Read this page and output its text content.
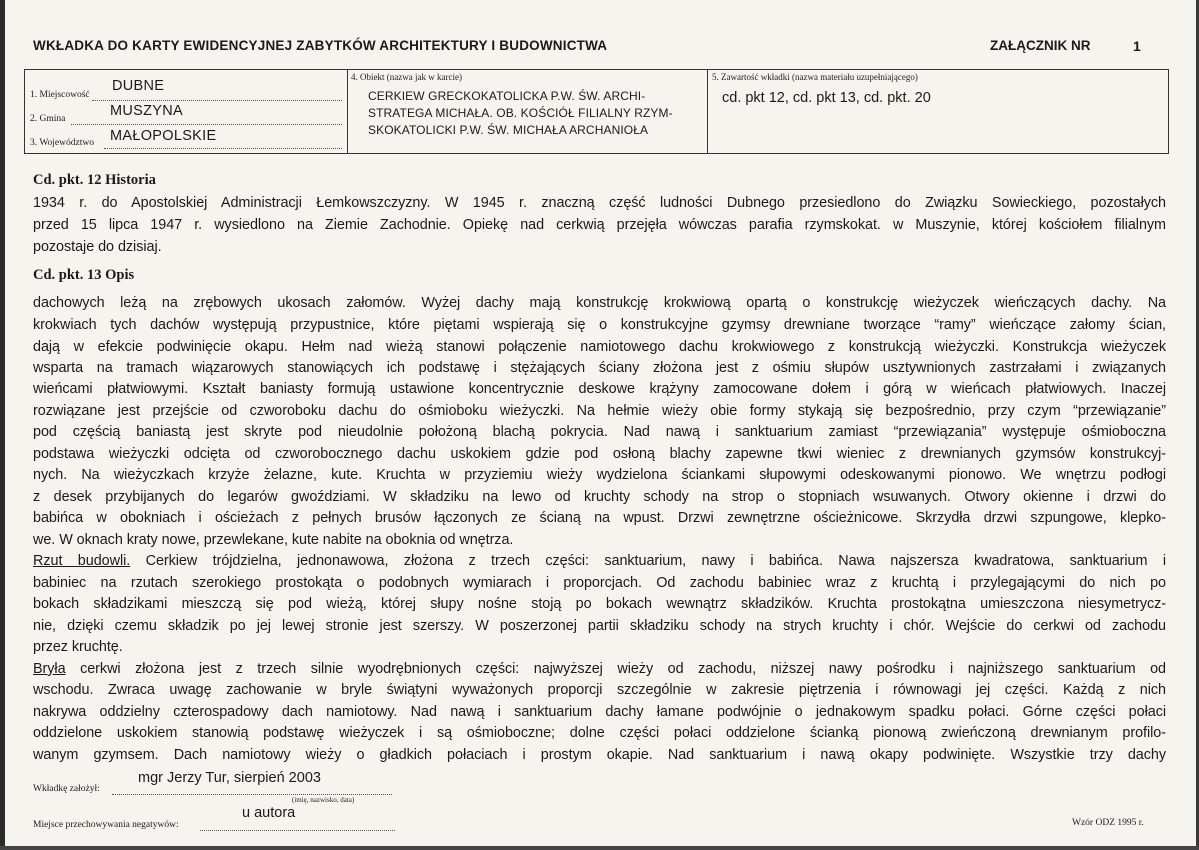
WKŁADKA DO KARTY EWIDENCYJNEJ ZABYTKÓW ARCHITEKTURY I BUDOWNICTWA	ZAŁĄCZNIK NR	1
1. Miejscowość
DUBNE
2. Gmina	MUSZYNA
3. Województwo MAŁOPOLSKIE
4. Obiekt (nazwa jak w karcie)
CERKIEW GRECKOKATOLICKA P.W. ŚW. ARCHI-
STRATEGA MICHAŁA. OB. KOŚCIÓŁ FILIALNY RZYM-
SKOKATOLICKI P.W. ŚW. MICHAŁA ARCHANIOŁA
5. Zawartość wkładki (nazwa materiału uzupełniającego)
cd. pkt 12, cd. pkt 13, cd. pkt. 20
Cd. pkt. 12 Historia
1934 r. do Apostolskiej Administracji Łemkowszczyzny. W 1945 r. znaczną część ludności Dubnego przesiedlono do Związku Sowieckiego, pozostałych
przed 15 lipca 1947 r. wysiedlono na Ziemie Zachodnie. Opiekę nad cerkwią przejęła wówczas parafia rzymskokat. w Muszynie, której kościołem filialnym
pozostaje do dzisiaj.
Cd. pkt. 13 Opis
dachowych leżą na zrębowych ukosach załomów. Wyżej dachy mają konstrukcję krokwiową opartą o konstrukcję wieżyczek wieńczących dachy. Na
krokwiach tych dachów występują przypustnice, które piętami wspierają się o konstrukcyjne gzymsy drewniane tworzące “ramy” wieńczące załomy ścian,
dają w efekcie podwinięcie okapu. Hełm nad wieżą stanowi połączenie namiotowego dachu krokwiowego z konstrukcją wieżyczki. Konstrukcja wieżyczek
wsparta na tramach wiązarowych stanowiących ich podstawę i stężających ściany złożona jest z ośmiu słupów usztywnionych zastrzałami i związanych
wieńcami płatwiowymi. Kształt baniasty formują ustawione koncentrycznie deskowe krążyny zamocowane dołem i górą w wieńcach płatwiowych. Inaczej
rozwiązane jest przejście od czworoboku dachu do ośmioboku wieżyczki. Na hełmie wieży obie formy stykają się bezpośrednio, przy czym “przewiązanie”
pod częścią baniastą jest skryte pod nieudolnie położoną blachą pokrycia. Nad nawą i sanktuarium zamiast “przewiązania” występuje ośmioboczna
podstawa wieżyczki odcięta od czworobocznego dachu uskokiem gdzie pod osłoną blachy zapewne tkwi wieniec z drewnianych gzymsów konstrukcyj-
nych. Na wieżyczkach krzyże żelazne, kute. Kruchta w przyziemiu wieży wydzielona ściankami słupowymi odeskowanymi pionowo. We wnętrzu podłogi
z desek przybijanych do legarów gwoździami. W składziku na lewo od kruchty schody na strop o stopniach wsuwanych. Otwory okienne i drzwi do
babińca w obokniach i ościeżach z pełnych brusów łączonych ze ścianą na wpust. Drzwi zewnętrzne ościeżnicowe. Skrzydła drzwi szpungowe, klepko-
we. W oknach kraty nowe, przewlekane, kute nabite na oboknia od wnętrza.
Rzut budowli. Cerkiew trójdzielna, jednonawowa, złożona z trzech części: sanktuarium, nawy i babińca. Nawa najszersza kwadratowa, sanktuarium i
babiniec na rzutach szerokiego prostokąta o podobnych wymiarach i proporcjach. Od zachodu babiniec wraz z kruchtą i przylegającymi do nich po
bokach składzikami mieszczą się pod wieżą, której słupy nośne stoją po bokach wewnątrz składzików. Kruchta prostokątna umieszczona niesymetrycz-
nie, dzięki czemu składzik po jej lewej stronie jest szerszy. W poszerzonej partii składziku schody na strych kruchty i chór. Wejście do cerkwi od zachodu
przez kruchtę.
Bryła cerkwi złożona jest z trzech silnie wyodrębnionych części: najwyższej wieży od zachodu, niższej nawy pośrodku i najniższego sanktuarium od
wschodu. Zwraca uwagę zachowanie w bryle świątyni wyważonych proporcji szczególnie w zakresie piętrzenia i równowagi jej części. Każdą z nich
nakrywa oddzielny czterospadowy dach namiotowy. Nad nawą i sanktuarium dachy łamane podwójnie o jednakowym spadku połaci. Górne części połaci
oddzielone uskokiem stanowią podstawę wieżyczek i są ośmioboczne; dolne części połaci oddzielone ścianką pionową zwieńczoną drewnianym profilo-
wanym gzymsem. Dach namiotowy wieży o gładkich połaciach i prostym okapie. Nad sanktuarium i nawą okapy podwinięte. Wszystkie trzy dachy
Wkładkę założył:
mgr Jerzy Tur, sierpień 2003
(imię, nazwisko, data)
Miejsce przechowywania negatywów:
u autora
Wzór ODZ 1995 r.
